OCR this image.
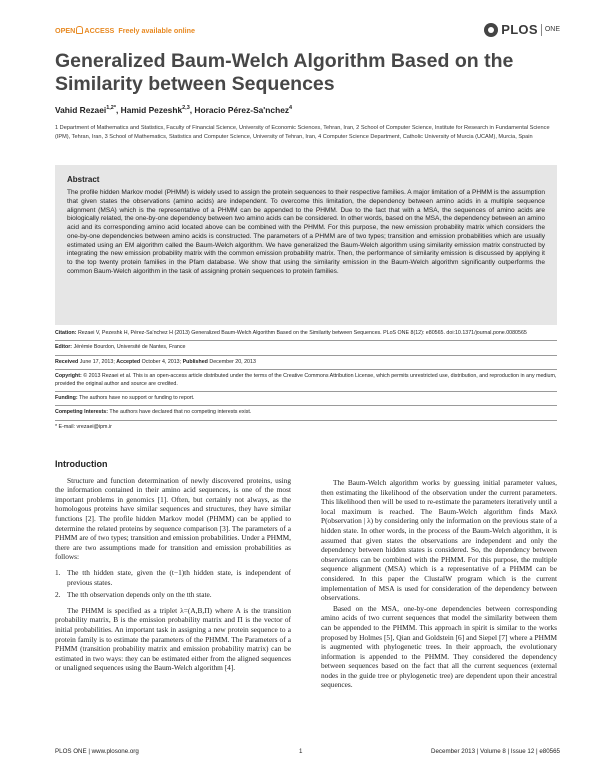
OPEN ACCESS Freely available online	PLOS ONE
Generalized Baum-Welch Algorithm Based on the Similarity between Sequences
Vahid Rezaei$^{1,2*}$, Hamid Pezeshk$^{2,3}$, Horacio Pérez-Sa'nchez$^4$
1 Department of Mathematics and Statistics, Faculty of Financial Science, University of Economic Sciences, Tehran, Iran, 2 School of Computer Science, Institute for Research in Fundamental Science (IPM), Tehran, Iran, 3 School of Mathematics, Statistics and Computer Science, University of Tehran, Iran, 4 Computer Science Department, Catholic University of Murcia (UCAM), Murcia, Spain
Abstract

The profile hidden Markov model (PHMM) is widely used to assign the protein sequences to their respective families. A major limitation of a PHMM is the assumption that given states the observations (amino acids) are independent. To overcome this limitation, the dependency between amino acids in a multiple sequence alignment (MSA) which is the representative of a PHMM can be appended to the PHMM. Due to the fact that with a MSA, the sequences of amino acids are biologically related, the one-by-one dependency between two amino acids can be considered. In other words, based on the MSA, the dependency between an amino acid and its corresponding amino acid located above can be combined with the PHMM. For this purpose, the new emission probability matrix which considers the one-by-one dependencies between amino acids is constructed. The parameters of a PHMM are of two types; transition and emission probabilities which are usually estimated using an EM algorithm called the Baum-Welch algorithm. We have generalized the Baum-Welch algorithm using similarity emission matrix constructed by integrating the new emission probability matrix with the common emission probability matrix. Then, the performance of similarity emission is discussed by applying it to the top twenty protein families in the Pfam database. We show that using the similarity emission in the Baum-Welch algorithm significantly outperforms the common Baum-Welch algorithm in the task of assigning protein sequences to protein families.

Citation: Rezaei V, Pezeshk H, Pérez-Sa'nchez H (2013) Generalized Baum-Welch Algorithm Based on the Similarity between Sequences. PLoS ONE 8(12): e80565. doi:10.1371/journal.pone.0080565
Editor: Jérémie Bourdon, Université de Nantes, France
Received June 17, 2013; Accepted October 4, 2013; Published December 20, 2013
Copyright: © 2013 Rezaei et al. This is an open-access article distributed under the terms of the Creative Commons Attribution License, which permits unrestricted use, distribution, and reproduction in any medium, provided the original author and source are credited.
Funding: The authors have no support or funding to report.
Competing Interests: The authors have declared that no competing interests exist.
* E-mail: vrezaei@ipm.ir
Introduction

Structure and function determination of newly discovered proteins, using the information contained in their amino acid sequences, is one of the most important problems in genomics [1]. Often, but certainly not always, as the homologous proteins have similar sequences and structures, they have similar functions [2]. The profile hidden Markov model (PHMM) can be applied to determine the related proteins by sequence comparison [3]. The parameters of a PHMM are of two types; transition and emission probabilities. Under a PHMM, there are two assumptions made for transition and emission probabilities as follows:

1. The tth hidden state, given the (t−1)th hidden state, is independent of previous states.
2. The tth observation depends only on the tth state.

The PHMM is specified as a triplet λ=(A,B,Π) where A is the transition probability matrix, B is the emission probability matrix and Π is the vector of initial probabilities. An important task in assigning a new protein sequence to a protein family is to estimate the parameters of the PHMM. The Parameters of a PHMM (transition probability matrix and emission probability matrix) can be estimated in two ways: they can be estimated either from the aligned sequences or unaligned sequences using the Baum-Welch algorithm [4].

The Baum-Welch algorithm works by guessing initial parameter values, then estimating the likelihood of the observation under the current parameters. This likelihood then will be used to re-estimate the parameters iteratively until a local maximum is reached. The Baum-Welch algorithm finds Maxλ P(observation | λ) by considering only the information on the previous state of a hidden state. In other words, in the process of the Baum-Welch algorithm, it is assumed that given states the observations are independent and only the dependency between hidden states is considered. So, the dependency between observations can be combined with the PHMM. For this purpose, the multiple sequence alignment (MSA) which is a representative of a PHMM can be considered. In this paper the ClustalW program which is the current implementation of MSA is used for consideration of the dependency between observations.

Based on the MSA, one-by-one dependencies between corresponding amino acids of two current sequences that model the similarity between them can be appended to the PHMM. This approach in spirit is similar to the works proposed by Holmes [5], Qian and Goldstein [6] and Siepel [7] where a PHMM is augmented with phylogenetic trees. In their approach, the evolutionary information is appended to the PHMM. They considered the dependency between sequences based on the fact that all the current sequences (external nodes in the guide tree or phylogenetic tree) are dependent upon their ancestral sequences.

PLOS ONE | www.plosone.org	1	December 2013 | Volume 8 | Issue 12 | e80565
